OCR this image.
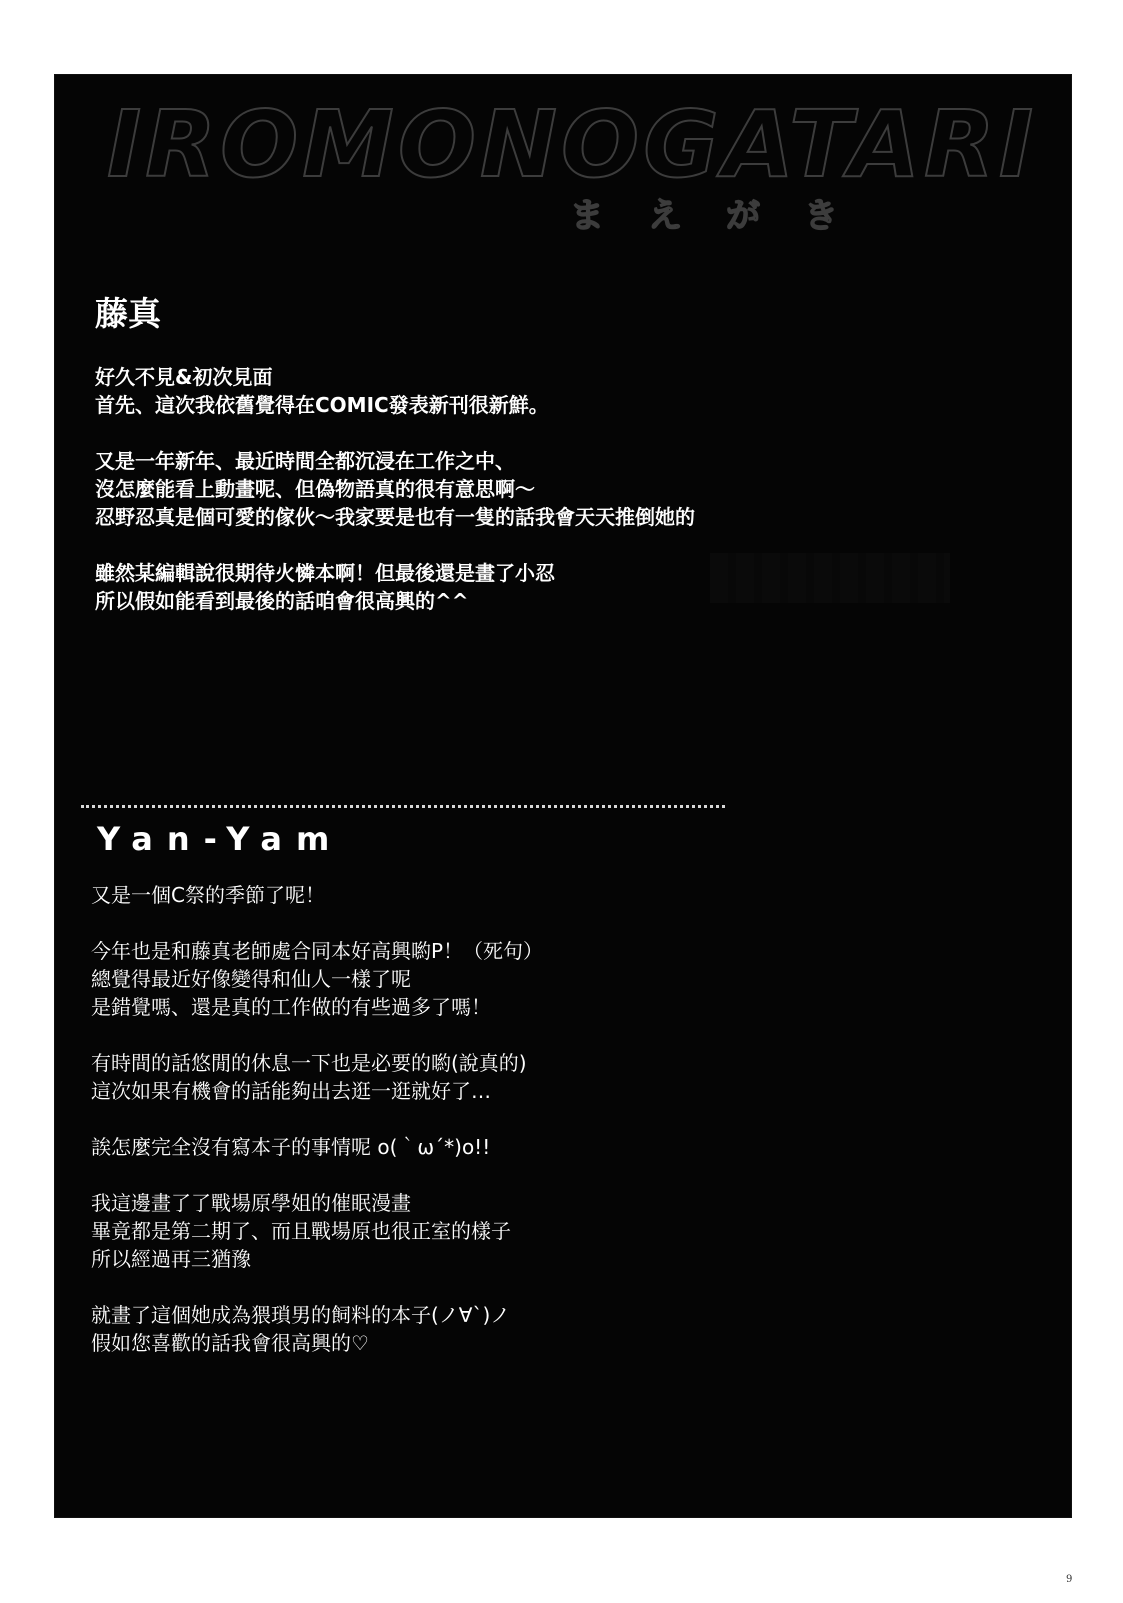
IROMONOGATARI
まえがき
藤真
好久不見&初次見面
首先、這次我依舊覺得在COMIC發表新刊很新鮮。
又是一年新年、最近時間全都沉浸在工作之中、
沒怎麼能看上動畫呢、但偽物語真的很有意思啊～
忍野忍真是個可愛的傢伙～我家要是也有一隻的話我會天天推倒她的
雖然某編輯說很期待火憐本啊！但最後還是畫了小忍
所以假如能看到最後的話咱會很高興的^^
Yan-Yam
又是一個C祭的季節了呢！
今年也是和藤真老師處合同本好高興喲P！（死句）
總覺得最近好像變得和仙人一樣了呢
是錯覺嗎、還是真的工作做的有些過多了嗎！
有時間的話悠閒的休息一下也是必要的喲(說真的)
這次如果有機會的話能夠出去逛一逛就好了…
誒怎麼完全沒有寫本子的事情呢 o(｀ω´*)o!!
我這邊畫了了戰場原學姐的催眠漫畫
畢竟都是第二期了、而且戰場原也很正室的樣子
所以經過再三猶豫
就畫了這個她成為猥瑣男的飼料的本子(ノ∀`)ノ
假如您喜歡的話我會很高興的♡
9
